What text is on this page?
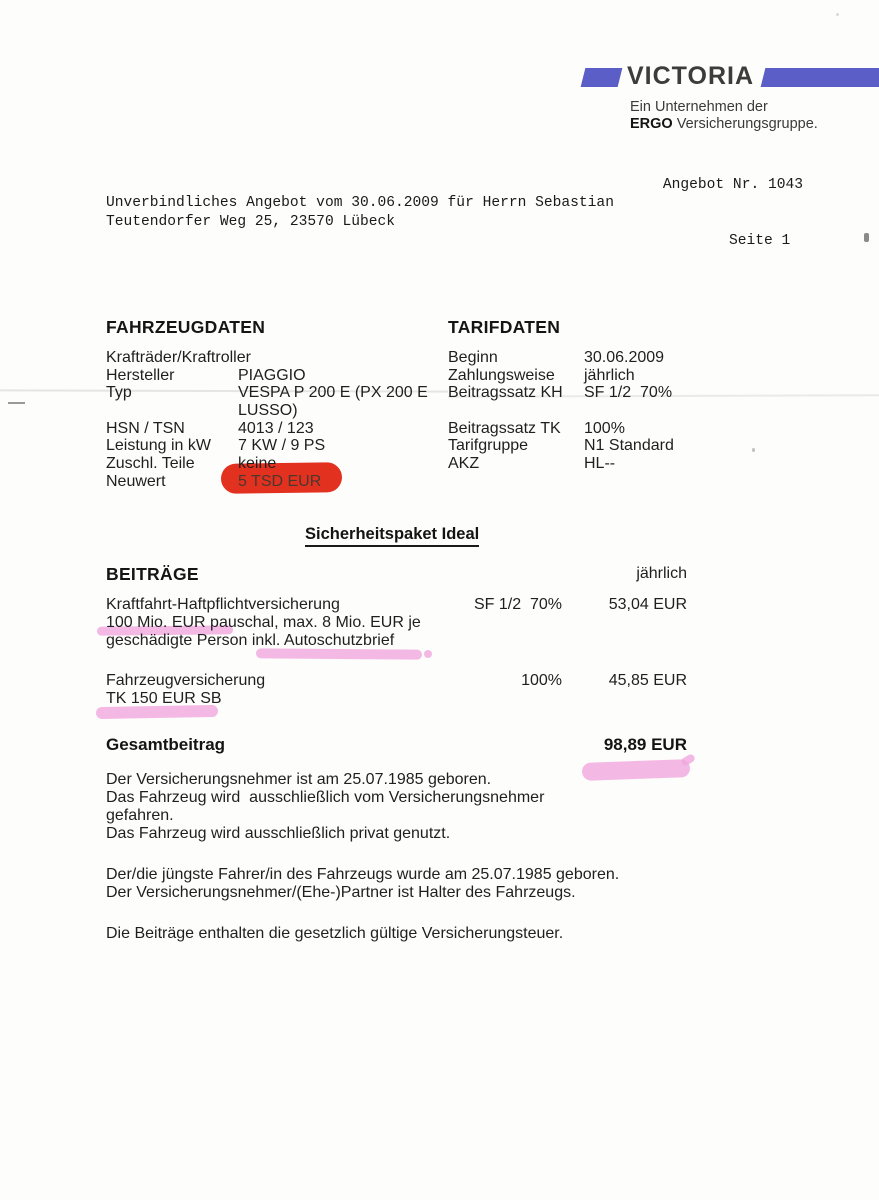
VICTORIA
Ein Unternehmen der
ERGO Versicherungsgruppe.
Angebot Nr. 1043
Unverbindliches Angebot vom 30.06.2009 für Herrn Sebastian
Teutendorfer Weg 25, 23570 Lübeck
Seite 1
FAHRZEUGDATEN	TARIFDATEN
Krafträder/Kraftroller
Hersteller	PIAGGIO
Typ	VESPA P 200 E (PX 200 E
LUSSO)
HSN / TSN	4013 / 123
Leistung in kW	7 KW / 9 PS
Zuschl. Teile	keine
Neuwert	5 TSD EUR
Beginn	30.06.2009
Zahlungsweise	jährlich
Beitragssatz KH	SF 1/2  70%
Beitragssatz TK	100%
Tarifgruppe	N1 Standard
AKZ	HL--
Sicherheitspaket Ideal
BEITRÄGE	jährlich
Kraftfahrt-Haftpflichtversicherung	SF 1/2  70%	53,04 EUR
100 Mio. EUR pauschal, max. 8 Mio. EUR je
geschädigte Person inkl. Autoschutzbrief
Fahrzeugversicherung	100%	45,85 EUR
TK 150 EUR SB
Gesamtbeitrag	98,89 EUR
Der Versicherungsnehmer ist am 25.07.1985 geboren.
Das Fahrzeug wird  ausschließlich vom Versicherungsnehmer
gefahren.
Das Fahrzeug wird ausschließlich privat genutzt.
Der/die jüngste Fahrer/in des Fahrzeugs wurde am 25.07.1985 geboren.
Der Versicherungsnehmer/(Ehe-)Partner ist Halter des Fahrzeugs.
Die Beiträge enthalten die gesetzlich gültige Versicherungsteuer.
